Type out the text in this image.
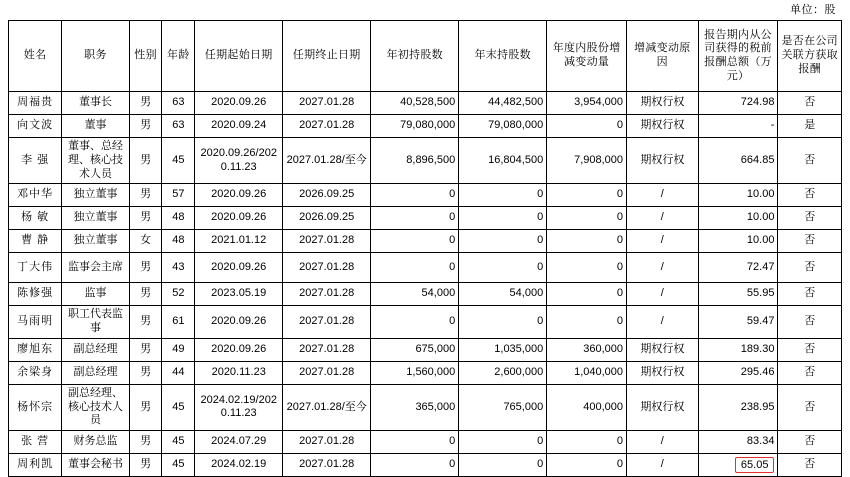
单位：股
姓名	职务	性别	年龄	任期起始日期	任期终止日期	年初持股数	年末持股数	年度内股份增减变动量	增减变动原因	报告期内从公司获得的税前报酬总额（万元）	是否在公司关联方获取报酬
周福贵	董事长	男	63	2020.09.26	2027.01.28	40,528,500	44,482,500	3,954,000	期权行权	724.98	否
向文波	董事	男	63	2020.09.24	2027.01.28	79,080,000	79,080,000	0	期权行权	-	是
李 强	董事、总经理、核心技术人员	男	45	2020.09.26/2020.11.23	2027.01.28/至今	8,896,500	16,804,500	7,908,000	期权行权	664.85	否
邓中华	独立董事	男	57	2020.09.26	2026.09.25	0	0	0	/	10.00	否
杨 敏	独立董事	男	48	2020.09.26	2026.09.25	0	0	0	/	10.00	否
曹 静	独立董事	女	48	2021.01.12	2027.01.28	0	0	0	/	10.00	否
丁大伟	监事会主席	男	43	2020.09.26	2027.01.28	0	0	0	/	72.47	否
陈修强	监事	男	52	2023.05.19	2027.01.28	54,000	54,000	0	/	55.95	否
马雨明	职工代表监事	男	61	2020.09.26	2027.01.28	0	0	0	/	59.47	否
廖旭东	副总经理	男	49	2020.09.26	2027.01.28	675,000	1,035,000	360,000	期权行权	189.30	否
余梁身	副总经理	男	44	2020.11.23	2027.01.28	1,560,000	2,600,000	1,040,000	期权行权	295.46	否
杨怀宗	副总经理、核心技术人员	男	45	2024.02.19/2020.11.23	2027.01.28/至今	365,000	765,000	400,000	期权行权	238.95	否
张 营	财务总监	男	45	2024.07.29	2027.01.28	0	0	0	/	83.34	否
周利凯	董事会秘书	男	45	2024.02.19	2027.01.28	0	0	0	/	65.05	否
